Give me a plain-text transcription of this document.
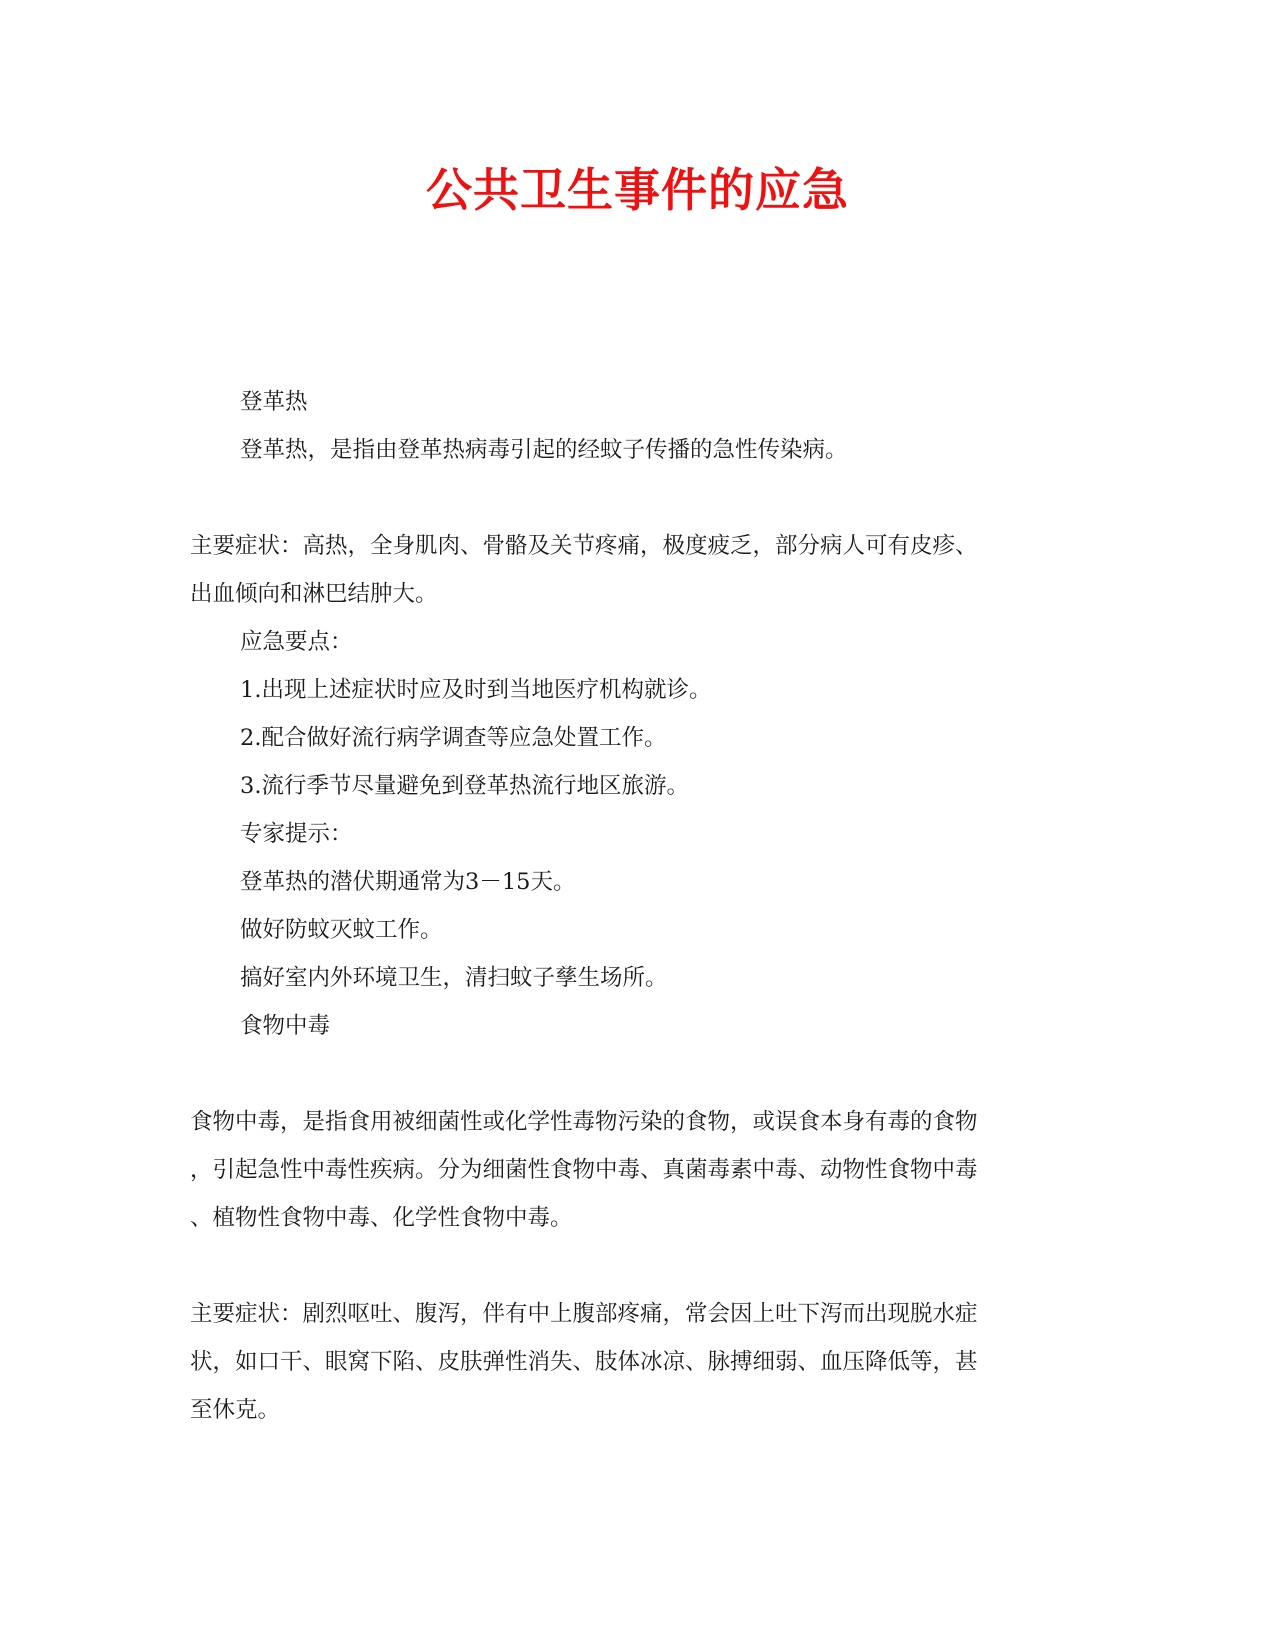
公共卫生事件的应急

登革热

登革热，是指由登革热病毒引起的经蚊子传播的急性传染病。

主要症状：高热，全身肌肉、骨骼及关节疼痛，极度疲乏，部分病人可有皮疹、

出血倾向和淋巴结肿大。

应急要点：

1.出现上述症状时应及时到当地医疗机构就诊。

2.配合做好流行病学调查等应急处置工作。

3.流行季节尽量避免到登革热流行地区旅游。

专家提示：

登革热的潜伏期通常为3－15天。

做好防蚊灭蚊工作。

搞好室内外环境卫生，清扫蚊子孳生场所。

食物中毒

食物中毒，是指食用被细菌性或化学性毒物污染的食物，或误食本身有毒的食物

，引起急性中毒性疾病。分为细菌性食物中毒、真菌毒素中毒、动物性食物中毒

、植物性食物中毒、化学性食物中毒。

主要症状：剧烈呕吐、腹泻，伴有中上腹部疼痛，常会因上吐下泻而出现脱水症

状，如口干、眼窝下陷、皮肤弹性消失、肢体冰凉、脉搏细弱、血压降低等，甚

至休克。
